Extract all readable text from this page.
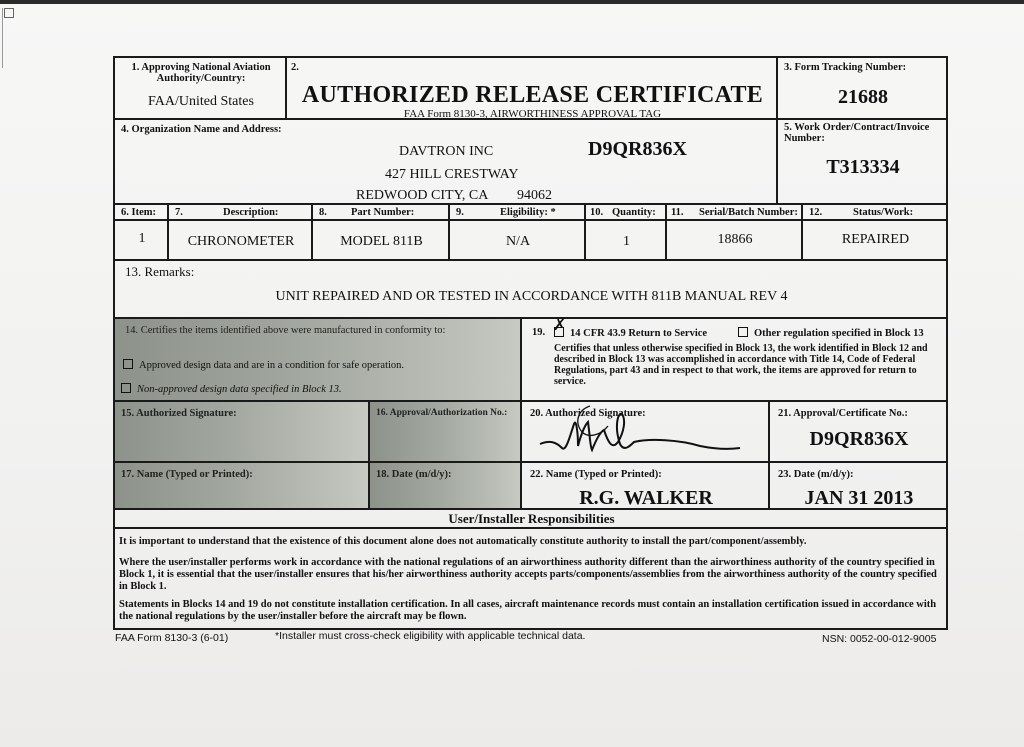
1. Approving National Aviation
Authority/Country:
FAA/United States
2.
AUTHORIZED RELEASE CERTIFICATE
FAA Form 8130-3, AIRWORTHINESS APPROVAL TAG
3. Form Tracking Number:
21688
4. Organization Name and Address:
DAVTRON INC	D9QR836X
427 HILL CRESTWAY
REDWOOD CITY, CA 94062
5. Work Order/Contract/Invoice
Number:
T313334
6. Item: 7.	Description:	8. Part Number:	9.	Eligibility: *	10. Quantity: 11. Serial/Batch Number: 12.	Status/Work:
1	CHRONOMETER	MODEL 811B	N/A	1	18866	REPAIRED
13. Remarks:
UNIT REPAIRED AND OR TESTED IN ACCORDANCE WITH 811B MANUAL REV 4
14. Certifies the items identified above were manufactured in conformity to:
Approved design data and are in a condition for safe operation.
Non-approved design data specified in Block 13.
19. ✗ 14 CFR 43.9 Return to Service	Other regulation specified in Block 13
Certifies that unless otherwise specified in Block 13, the work identified in Block 12 and described in Block 13 was accomplished in accordance with Title 14, Code of Federal Regulations, part 43 and in respect to that work, the items are approved for return to service.
15. Authorized Signature:	16. Approval/Authorization No.: 20. Authorized Signature:	21. Approval/Certificate No.:
D9QR836X
17. Name (Typed or Printed):	18. Date (m/d/y):	22. Name (Typed or Printed):
R.G. WALKER
23. Date (m/d/y):
JAN 31 2013
User/Installer Responsibilities
It is important to understand that the existence of this document alone does not automatically constitute authority to install the part/component/assembly.
Where the user/installer performs work in accordance with the national regulations of an airworthiness authority different than the airworthiness authority of the country specified in Block 1, it is essential that the user/installer ensures that his/her airworthiness authority accepts parts/components/assemblies from the airworthiness authority of the country specified in Block 1.
Statements in Blocks 14 and 19 do not constitute installation certification. In all cases, aircraft maintenance records must contain an installation certification issued in accordance with the national regulations by the user/installer before the aircraft may be flown.
FAA Form 8130-3 (6-01)	*Installer must cross-check eligibility with applicable technical data.	NSN: 0052-00-012-9005
